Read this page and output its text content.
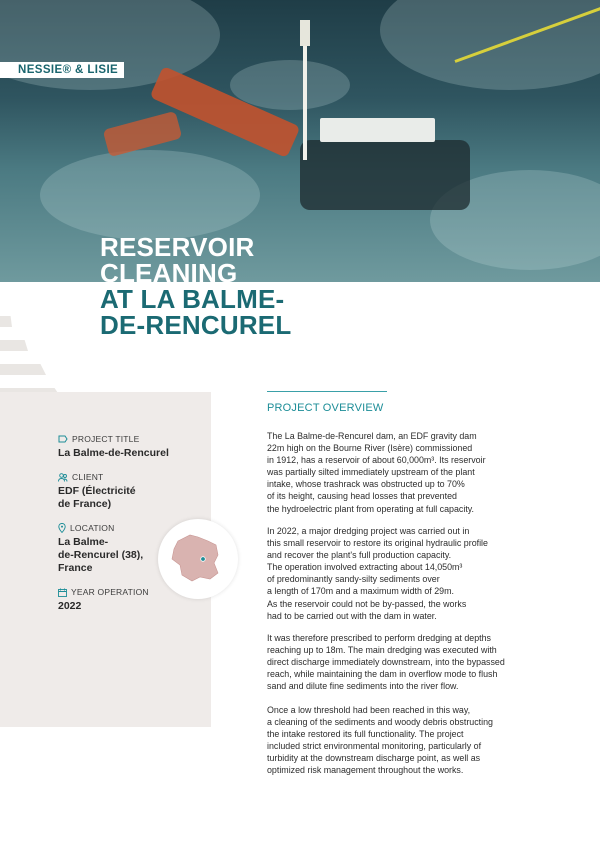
NESSIE® & LISIE
RESERVOIR
CLEANING
AT LA BALME-
DE-RENCUREL
PROJECT TITLE
La Balme-de-Rencurel
CLIENT
EDF (Électricité
de France)
LOCATION
La Balme-
de-Rencurel (38),
France
YEAR OPERATION
2022
PROJECT OVERVIEW

The La Balme-de-Rencurel dam, an EDF gravity dam
22m high on the Bourne River (Isère) commissioned
in 1912, has a reservoir of about 60,000m³. Its reservoir
was partially silted immediately upstream of the plant
intake, whose trashrack was obstructed up to 70%
of its height, causing head losses that prevented
the hydroelectric plant from operating at full capacity.

In 2022, a major dredging project was carried out in
this small reservoir to restore its original hydraulic profile
and recover the plant's full production capacity.
The operation involved extracting about 14,050m³
of predominantly sandy-silty sediments over
a length of 170m and a maximum width of 29m.
As the reservoir could not be by-passed, the works
had to be carried out with the dam in water.

It was therefore prescribed to perform dredging at depths
reaching up to 18m. The main dredging was executed with
direct discharge immediately downstream, into the bypassed
reach, while maintaining the dam in overflow mode to flush
sand and dilute fine sediments into the river flow.

Once a low threshold had been reached in this way,
a cleaning of the sediments and woody debris obstructing
the intake restored its full functionality. The project
included strict environmental monitoring, particularly of
turbidity at the downstream discharge point, as well as
optimized risk management throughout the works.
